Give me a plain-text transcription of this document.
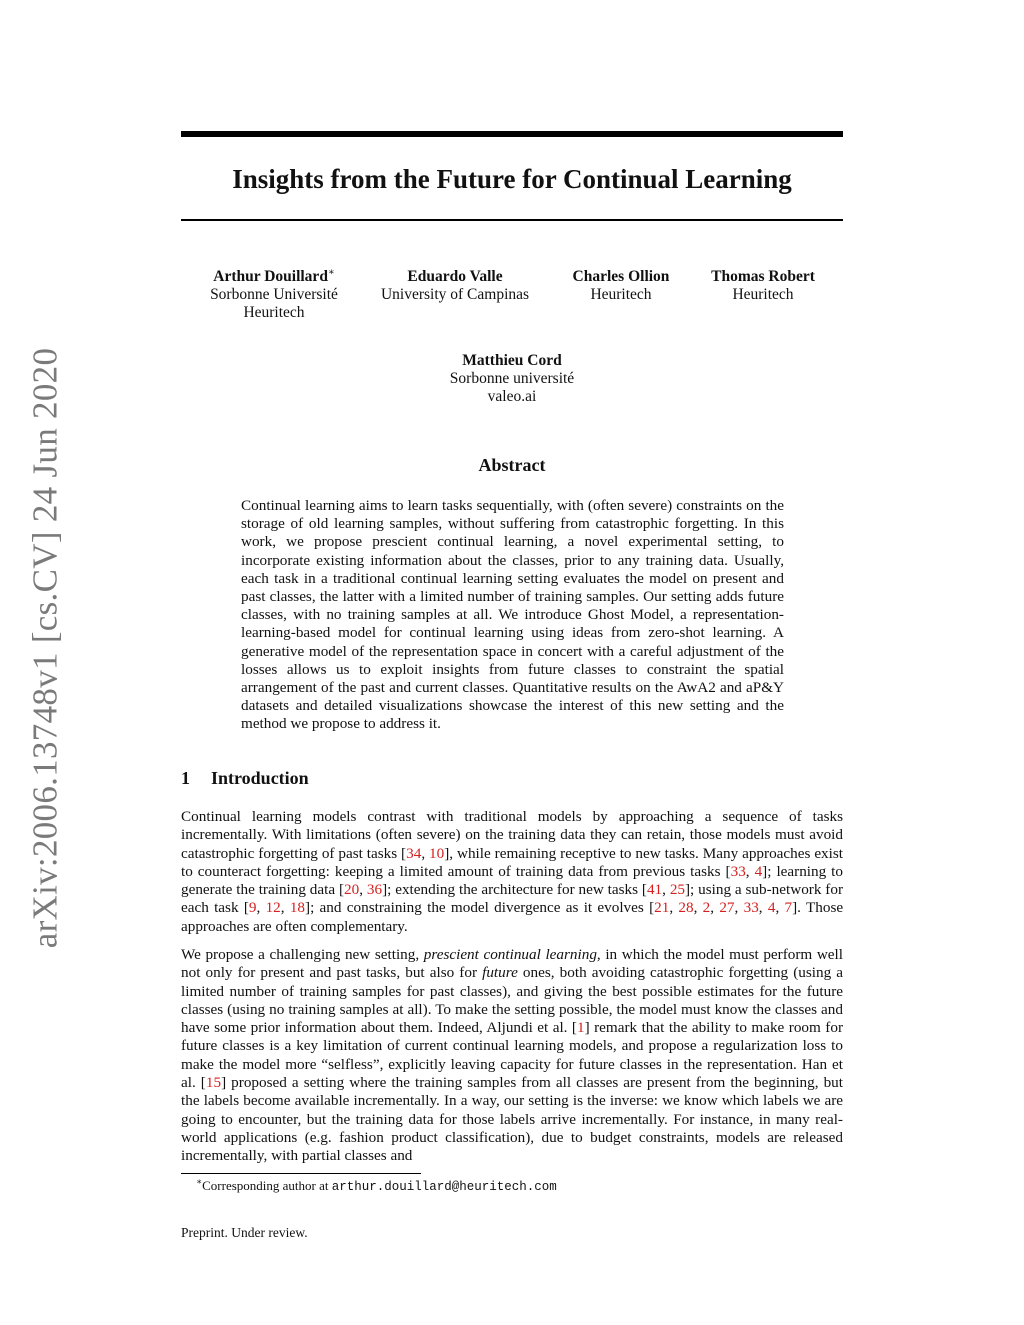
arXiv:2006.13748v1 [cs.CV] 24 Jun 2020
Insights from the Future for Continual Learning
Arthur Douillard∗
Sorbonne Université
Heuritech
Eduardo Valle
University of Campinas
Charles Ollion
Heuritech
Thomas Robert
Heuritech
Matthieu Cord
Sorbonne université
valeo.ai
Abstract

Continual learning aims to learn tasks sequentially, with (often severe) constraints on the storage of old learning samples, without suffering from catastrophic forgetting. In this work, we propose prescient continual learning, a novel experimental setting, to incorporate existing information about the classes, prior to any training data. Usually, each task in a traditional continual learning setting evaluates the model on present and past classes, the latter with a limited number of training samples. Our setting adds future classes, with no training samples at all. We introduce Ghost Model, a representation-learning-based model for continual learning using ideas from zero-shot learning. A generative model of the representation space in concert with a careful adjustment of the losses allows us to exploit insights from future classes to constraint the spatial arrangement of the past and current classes. Quantitative results on the AwA2 and aP&Y datasets and detailed visualizations showcase the interest of this new setting and the method we propose to address it.

1 Introduction

Continual learning models contrast with traditional models by approaching a sequence of tasks incrementally. With limitations (often severe) on the training data they can retain, those models must avoid catastrophic forgetting of past tasks [34, 10], while remaining receptive to new tasks. Many approaches exist to counteract forgetting: keeping a limited amount of training data from previous tasks [33, 4]; learning to generate the training data [20, 36]; extending the architecture for new tasks [41, 25]; using a sub-network for each task [9, 12, 18]; and constraining the model divergence as it evolves [21, 28, 2, 27, 33, 4, 7]. Those approaches are often complementary.

We propose a challenging new setting, prescient continual learning, in which the model must perform well not only for present and past tasks, but also for future ones, both avoiding catastrophic forgetting (using a limited number of training samples for past classes), and giving the best possible estimates for the future classes (using no training samples at all). To make the setting possible, the model must know the classes and have some prior information about them. Indeed, Aljundi et al. [1] remark that the ability to make room for future classes is a key limitation of current continual learning models, and propose a regularization loss to make the model more “selfless”, explicitly leaving capacity for future classes in the representation. Han et al. [15] proposed a setting where the training samples from all classes are present from the beginning, but the labels become available incrementally. In a way, our setting is the inverse: we know which labels we are going to encounter, but the training data for those labels arrive incrementally. For instance, in many real-world applications (e.g. fashion product classification), due to budget constraints, models are released incrementally, with partial classes and

∗Corresponding author at arthur.douillard@heuritech.com
Preprint. Under review.
